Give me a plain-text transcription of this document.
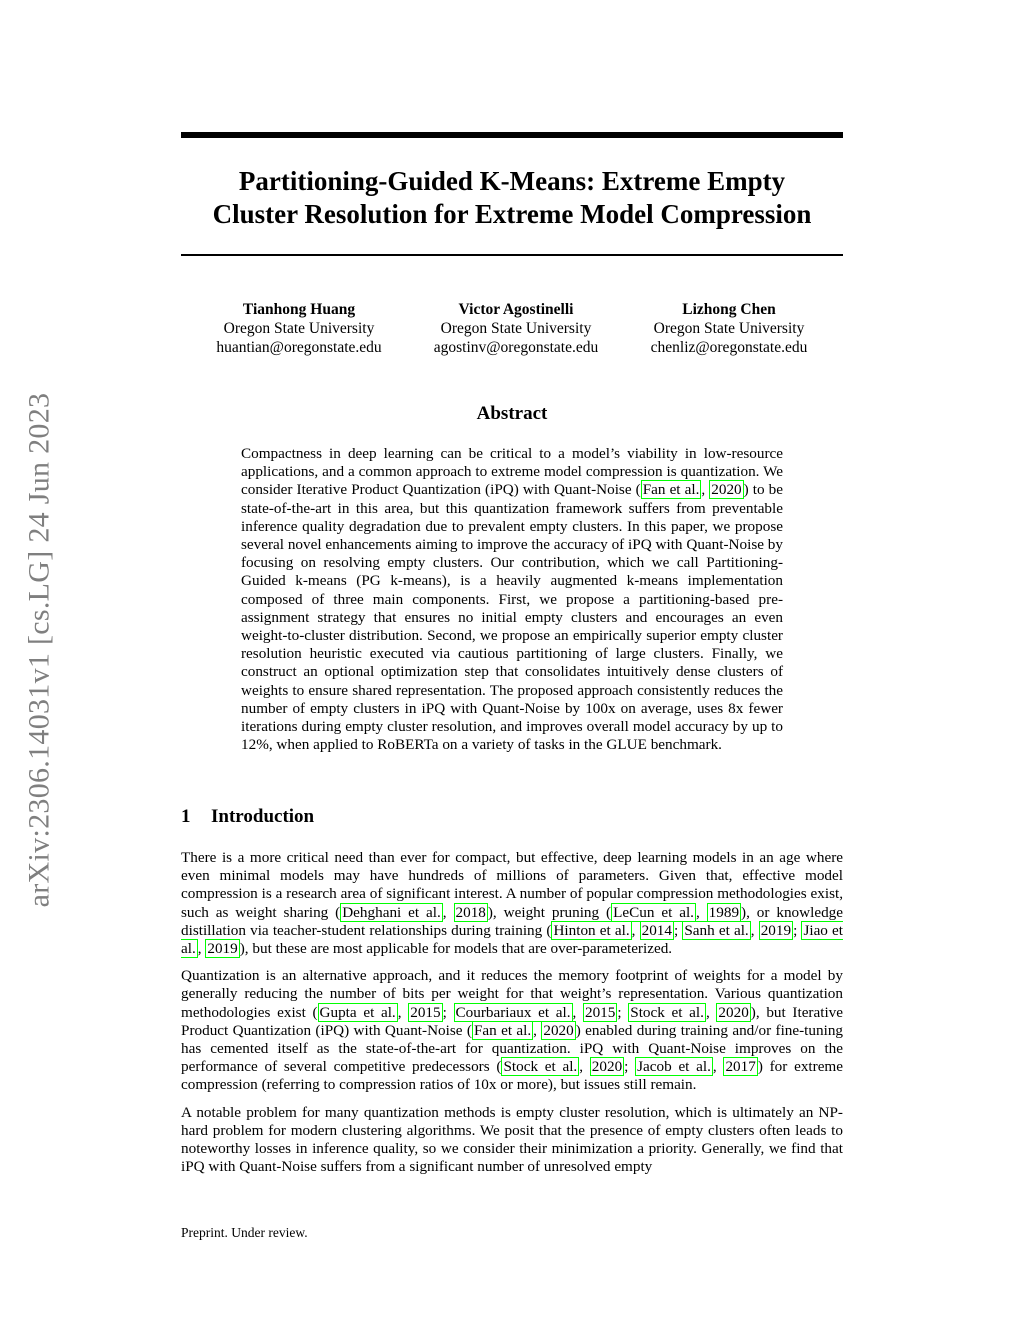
arXiv:2306.14031v1 [cs.LG] 24 Jun 2023
Partitioning-Guided K-Means: Extreme Empty
Cluster Resolution for Extreme Model Compression
Tianhong Huang
Oregon State University
huantian@oregonstate.edu
Victor Agostinelli
Oregon State University
agostinv@oregonstate.edu
Lizhong Chen
Oregon State University
chenliz@oregonstate.edu
Abstract
Compactness in deep learning can be critical to a model’s viability in low-resource applications, and a common approach to extreme model compression is quantization. We consider Iterative Product Quantization (iPQ) with Quant-Noise ( Fan et al. , 2020 ) to be state-of-the-art in this area, but this quantization framework suffers from preventable inference quality degradation due to prevalent empty clusters. In this paper, we propose several novel enhancements aiming to improve the accuracy of iPQ with Quant-Noise by focusing on resolving empty clusters. Our contribution, which we call Partitioning-Guided k-means (PG k-means), is a heavily augmented k-means implementation composed of three main components. First, we propose a partitioning-based pre-assignment strategy that ensures no initial empty clusters and encourages an even weight-to-cluster distribution. Second, we propose an empirically superior empty cluster resolution heuristic executed via cautious partitioning of large clusters. Finally, we construct an optional optimization step that consolidates intuitively dense clusters of weights to ensure shared representation. The proposed approach consistently reduces the number of empty clusters in iPQ with Quant-Noise by 100x on average, uses 8x fewer iterations during empty cluster resolution, and improves overall model accuracy by up to 12%, when applied to RoBERTa on a variety of tasks in the GLUE benchmark.
1 Introduction

There is a more critical need than ever for compact, but effective, deep learning models in an age where even minimal models may have hundreds of millions of parameters. Given that, effective model compression is a research area of significant interest. A number of popular compression methodologies exist, such as weight sharing ( Dehghani et al. , 2018 ), weight pruning ( LeCun et al. , 1989 ), or knowledge distillation via teacher-student relationships during training ( Hinton et al. , 2014 ; Sanh et al. , 2019 ; Jiao et al. , 2019 ), but these are most applicable for models that are over-parameterized.

Quantization is an alternative approach, and it reduces the memory footprint of weights for a model by generally reducing the number of bits per weight for that weight’s representation. Various quantization methodologies exist ( Gupta et al. , 2015 ; Courbariaux et al. , 2015 ; Stock et al. , 2020 ), but Iterative Product Quantization (iPQ) with Quant-Noise ( Fan et al. , 2020 ) enabled during training and/or fine-tuning has cemented itself as the state-of-the-art for quantization. iPQ with Quant-Noise improves on the performance of several competitive predecessors ( Stock et al. , 2020 ; Jacob et al. , 2017 ) for extreme compression (referring to compression ratios of 10x or more), but issues still remain.

A notable problem for many quantization methods is empty cluster resolution, which is ultimately an NP-hard problem for modern clustering algorithms. We posit that the presence of empty clusters often leads to noteworthy losses in inference quality, so we consider their minimization a priority. Generally, we find that iPQ with Quant-Noise suffers from a significant number of unresolved empty

Preprint. Under review.
